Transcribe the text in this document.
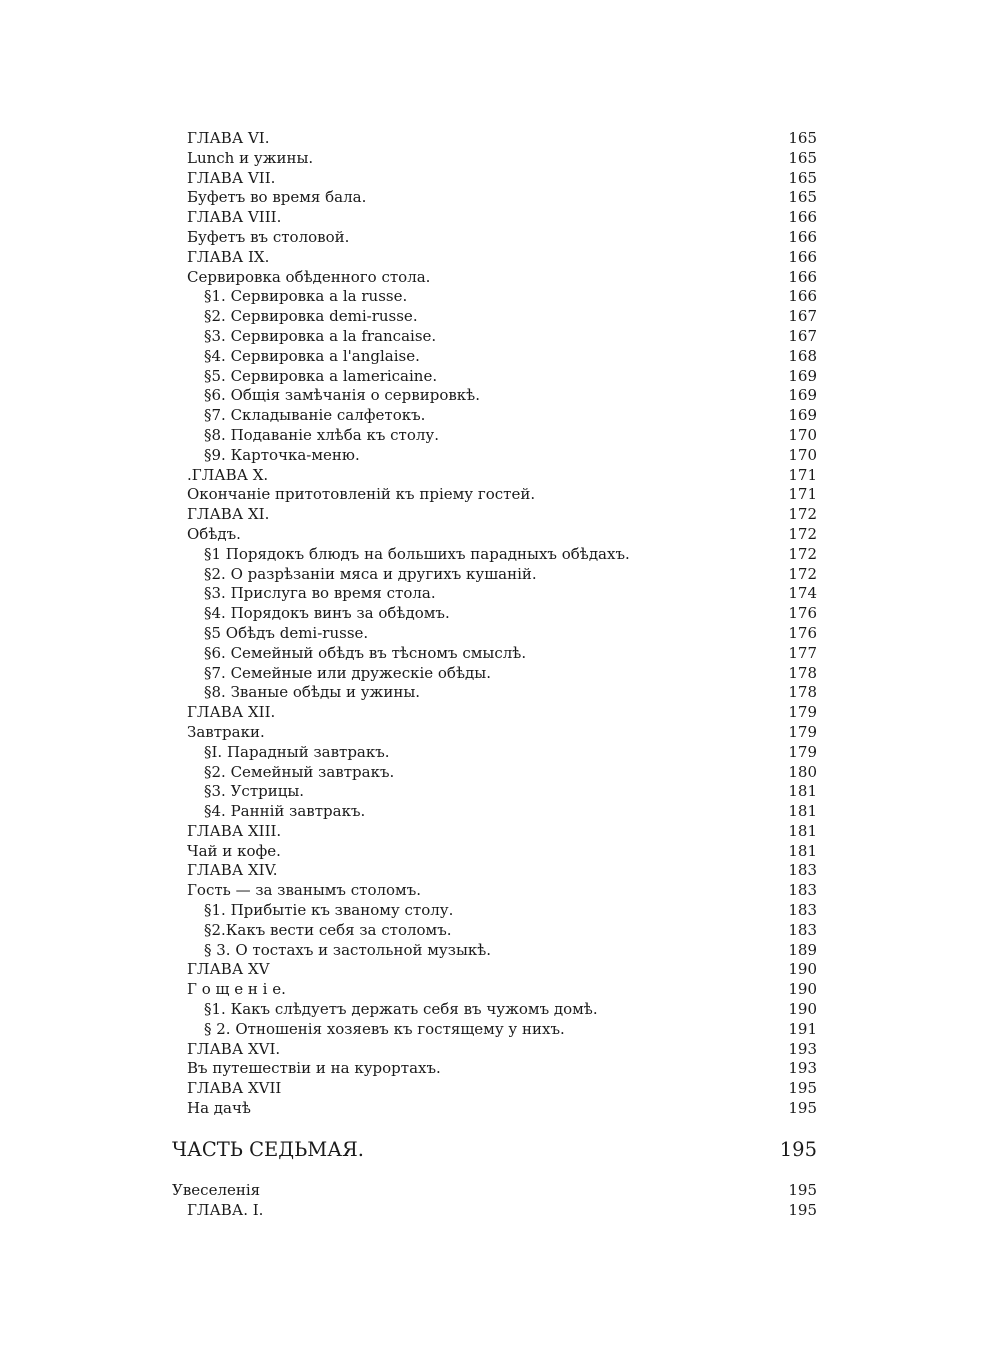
ГЛАВА VI.	165
Lunch и ужины.	165
ГЛАВА VII.	165
Буфетъ во время бала.	165
ГЛАВА VIII.	166
Буфетъ въ столовой.	166
ГЛАВА IX.	166
Сервировка обѣденного стола.	166
§1. Сервировка а la russe.	166
§2. Сервировка demi-russe.	167
§3. Сервировка а la francaise.	167
§4. Сервировка а l'anglaise.	168
§5. Сервировка а lamericaine.	169
§6. Общія замѣчанія о сервировкѣ.	169
§7. Складываніе салфетокъ.	169
§8. Подаваніе хлѣба къ столу.	170
§9. Карточка-меню.	170
.ГЛАВА X.	171
Окончаніе притотовленій къ пріему гостей.	171
ГЛАВА XI.	172
Обѣдъ.	172
§1 Порядокъ блюдъ на большихъ парадныхъ обѣдахъ.	172
§2. О разрѣзаніи мяса и другихъ кушаній.	172
§3. Прислуга во время стола.	174
§4. Порядокъ винъ за обѣдомъ.	176
§5 Обѣдъ demi-russe.	176
§6. Семейный обѣдъ въ тѣсномъ смыслѣ.	177
§7. Семейные или дружескіе обѣды.	178
§8. Званые обѣды и ужины.	178
ГЛАВА XII.	179
Завтраки.	179
§I. Парадный завтракъ.	179
§2. Семейный завтракъ.	180
§3. Устрицы.	181
§4. Ранній завтракъ.	181
ГЛАВА XIII.	181
Чай и кофе.	181
ГЛАВА XIV.	183
Гость — за званымъ столомъ.	183
§1. Прибытіе къ званому столу.	183
§2.Какъ вести себя за столомъ.	183
§ 3. О тостахъ и застольной музыкѣ.	189
ГЛАВА XV	190
Г о щ е н і е.	190
§1. Какъ слѣдуетъ держать себя въ чужомъ домѣ.	190
§ 2. Отношенія хозяевъ къ гостящему у нихъ.	191
ГЛАВА XVI.	193
Въ путешествіи и на курортахъ.	193
ГЛАВА XVII	195
На дачѣ	195
ЧАСТЬ СЕДЬМАЯ.	195
Увеселенія	195
ГЛАВА. I.	195
